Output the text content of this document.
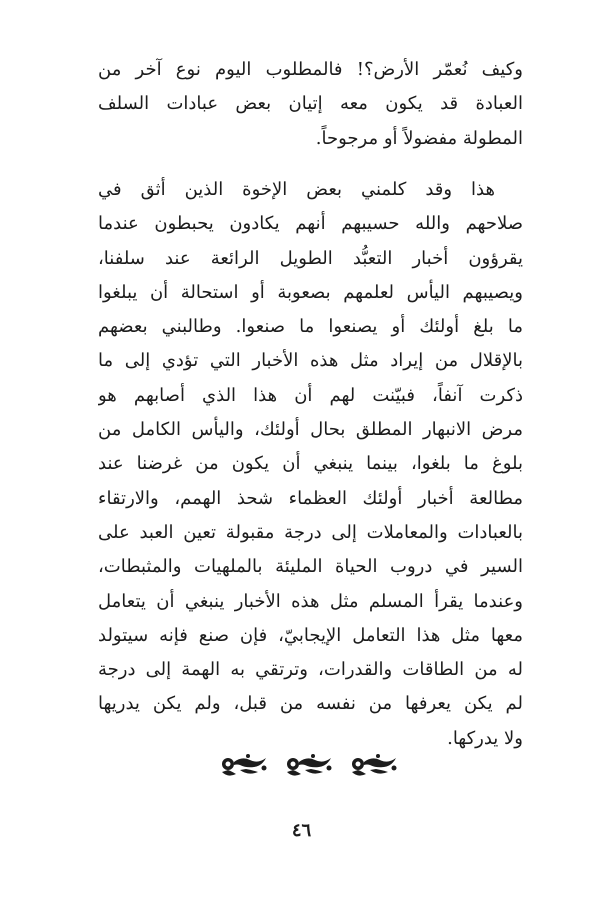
وكيف نُعمّر الأرض؟! فالمطلوب اليوم نوع آخر من
العبادة قد يكون معه إتيان بعض عبادات السلف
المطولة مفضولاً أو مرجوحاً.
هذا وقد كلمني بعض الإخوة الذين أثق في
صلاحهم والله حسيبهم أنهم يكادون يحبطون عندما
يقرؤون أخبار التعبُّد الطويل الرائعة عند سلفنا،
ويصيبهم اليأس لعلمهم بصعوبة أو استحالة أن يبلغوا
ما بلغ أولئك أو يصنعوا ما صنعوا. وطالبني بعضهم
بالإقلال من إيراد مثل هذه الأخبار التي تؤدي إلى ما
ذكرت آنفاً، فبيّنت لهم أن هذا الذي أصابهم هو
مرض الانبهار المطلق بحال أولئك، واليأس الكامل من
بلوغ ما بلغوا، بينما ينبغي أن يكون من غرضنا عند
مطالعة أخبار أولئك العظماء شحذ الهمم، والارتقاء
بالعبادات والمعاملات إلى درجة مقبولة تعين العبد على
السير في دروب الحياة المليئة بالملهيات والمثبطات،
وعندما يقرأ المسلم مثل هذه الأخبار ينبغي أن يتعامل
معها مثل هذا التعامل الإيجابيّ، فإن صنع فإنه سيتولد
له من الطاقات والقدرات، وترتقي به الهمة إلى درجة
لم يكن يعرفها من نفسه من قبل، ولم يكن يدريها
ولا يدركها.
٤٦
